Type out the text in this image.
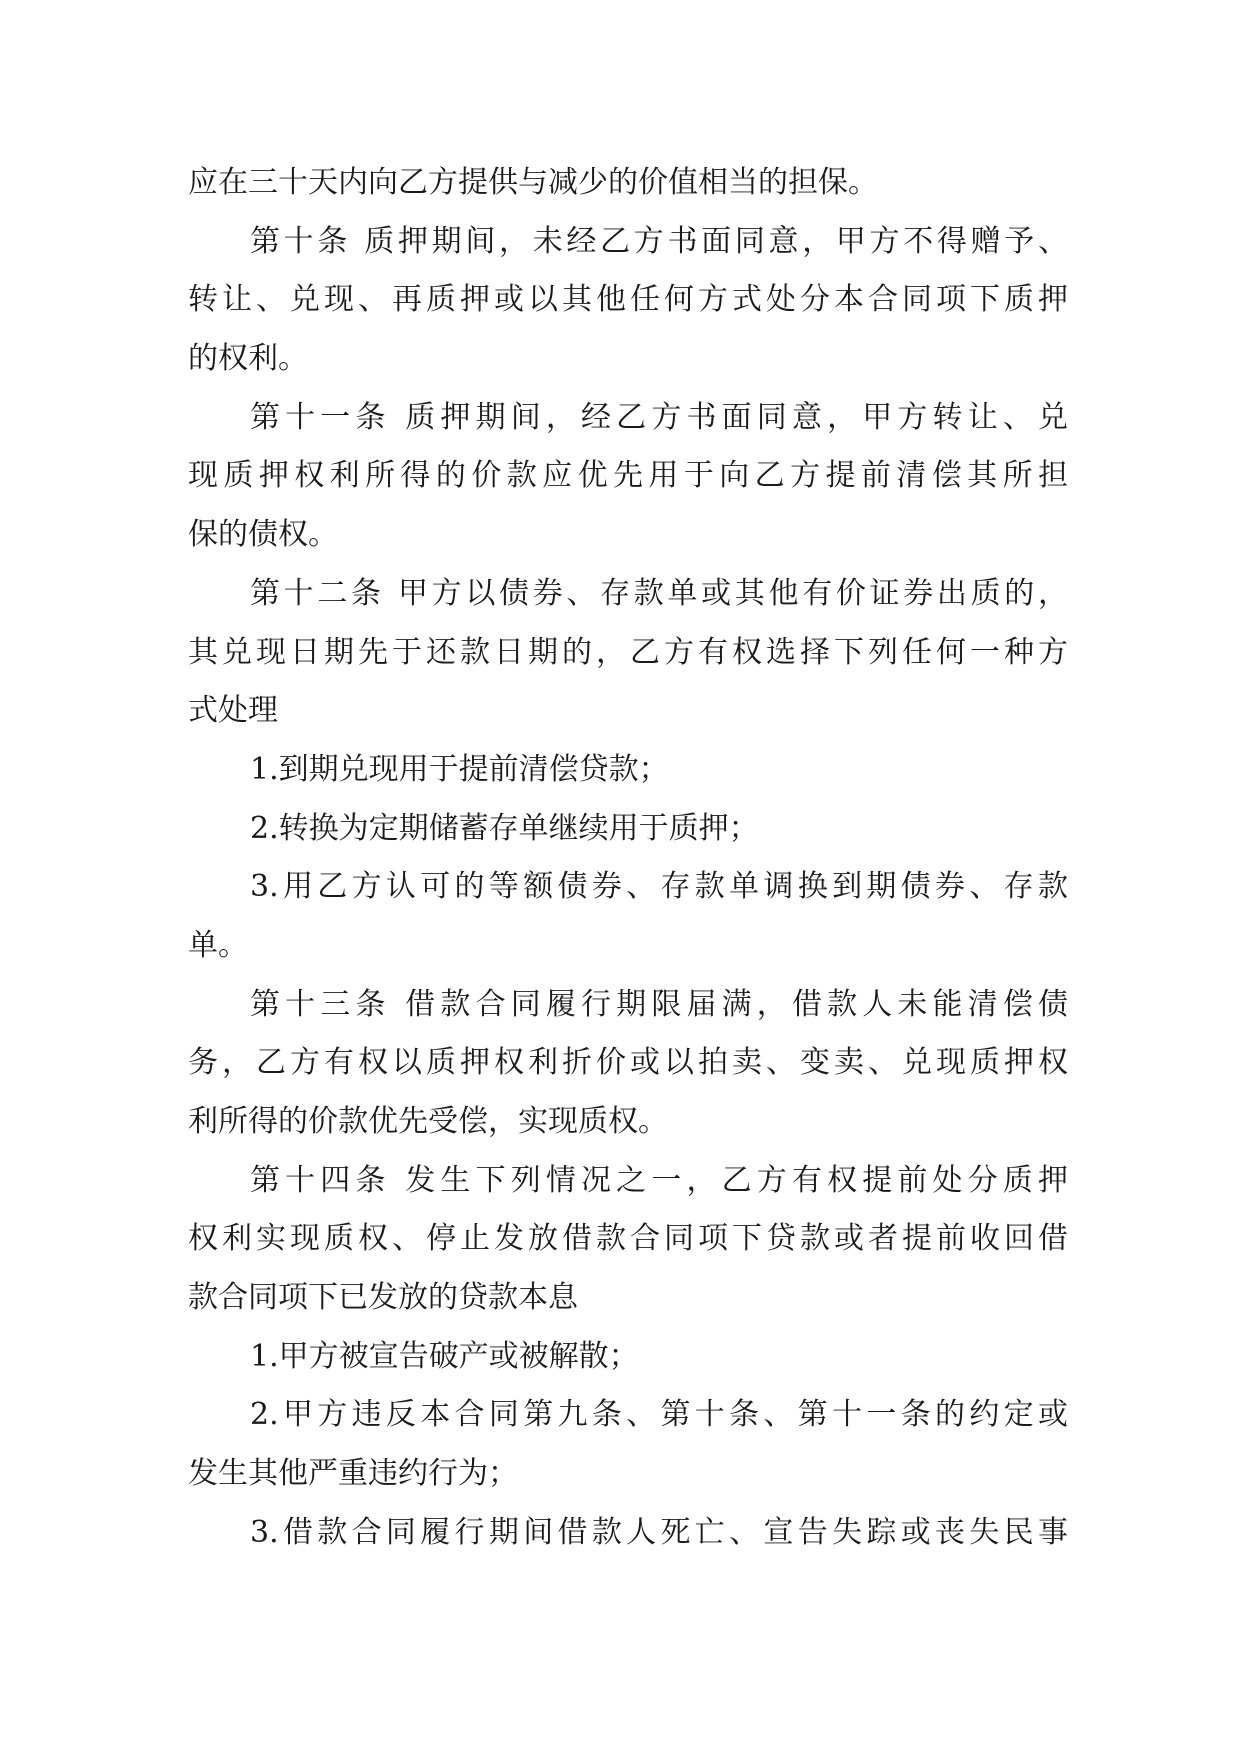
应在三十天内向乙方提供与减少的价值相当的担保。
第十条 质押期间，未经乙方书面同意，甲方不得赠予、
转让、兑现、再质押或以其他任何方式处分本合同项下质押
的权利。
第十一条 质押期间，经乙方书面同意，甲方转让、兑
现质押权利所得的价款应优先用于向乙方提前清偿其所担
保的债权。
第十二条 甲方以债券、存款单或其他有价证券出质的，
其兑现日期先于还款日期的，乙方有权选择下列任何一种方
式处理
1.到期兑现用于提前清偿贷款；
2.转换为定期储蓄存单继续用于质押；
3.用乙方认可的等额债券、存款单调换到期债券、存款
单。
第十三条 借款合同履行期限届满，借款人未能清偿债
务，乙方有权以质押权利折价或以拍卖、变卖、兑现质押权
利所得的价款优先受偿，实现质权。
第十四条 发生下列情况之一，乙方有权提前处分质押
权利实现质权、停止发放借款合同项下贷款或者提前收回借
款合同项下已发放的贷款本息
1.甲方被宣告破产或被解散；
2.甲方违反本合同第九条、第十条、第十一条的约定或
发生其他严重违约行为；
3.借款合同履行期间借款人死亡、宣告失踪或丧失民事
